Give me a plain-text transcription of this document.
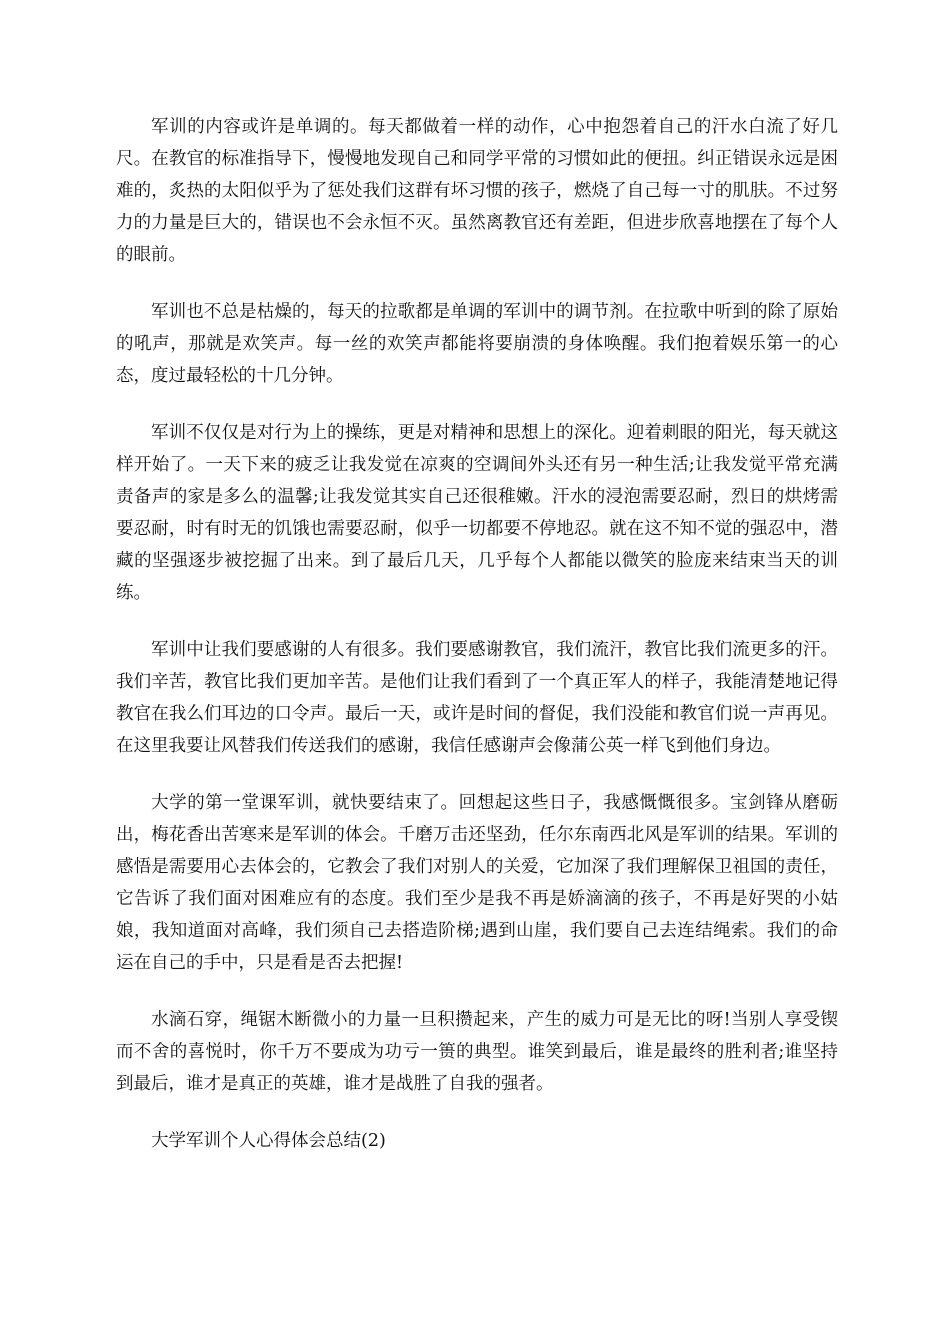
军训的内容或许是单调的。每天都做着一样的动作，心中抱怨着自己的汗水白流了好几尺。在教官的标准指导下，慢慢地发现自己和同学平常的习惯如此的便扭。纠正错误永远是困难的，炙热的太阳似乎为了惩处我们这群有坏习惯的孩子，燃烧了自己每一寸的肌肤。不过努力的力量是巨大的，错误也不会永恒不灭。虽然离教官还有差距，但进步欣喜地摆在了每个人的眼前。

军训也不总是枯燥的，每天的拉歌都是单调的军训中的调节剂。在拉歌中听到的除了原始的吼声，那就是欢笑声。每一丝的欢笑声都能将要崩溃的身体唤醒。我们抱着娱乐第一的心态，度过最轻松的十几分钟。

军训不仅仅是对行为上的操练，更是对精神和思想上的深化。迎着刺眼的阳光，每天就这样开始了。一天下来的疲乏让我发觉在凉爽的空调间外头还有另一种生活;让我发觉平常充满责备声的家是多么的温馨;让我发觉其实自己还很稚嫩。汗水的浸泡需要忍耐，烈日的烘烤需要忍耐，时有时无的饥饿也需要忍耐，似乎一切都要不停地忍。就在这不知不觉的强忍中，潜藏的坚强逐步被挖掘了出来。到了最后几天，几乎每个人都能以微笑的脸庞来结束当天的训练。

军训中让我们要感谢的人有很多。我们要感谢教官，我们流汗，教官比我们流更多的汗。我们辛苦，教官比我们更加辛苦。是他们让我们看到了一个真正军人的样子，我能清楚地记得教官在我么们耳边的口令声。最后一天，或许是时间的督促，我们没能和教官们说一声再见。在这里我要让风替我们传送我们的感谢，我信任感谢声会像蒲公英一样飞到他们身边。

大学的第一堂课军训，就快要结束了。回想起这些日子，我感慨慨很多。宝剑锋从磨砺出，梅花香出苦寒来是军训的体会。千磨万击还坚劲，任尔东南西北风是军训的结果。军训的感悟是需要用心去体会的，它教会了我们对别人的关爱，它加深了我们理解保卫祖国的责任，它告诉了我们面对困难应有的态度。我们至少是我不再是娇滴滴的孩子，不再是好哭的小姑娘，我知道面对高峰，我们须自己去搭造阶梯;遇到山崖，我们要自己去连结绳索。我们的命运在自己的手中，只是看是否去把握!

水滴石穿，绳锯木断微小的力量一旦积攒起来，产生的威力可是无比的呀!当别人享受锲而不舍的喜悦时，你千万不要成为功亏一篑的典型。谁笑到最后，谁是最终的胜利者;谁坚持到最后，谁才是真正的英雄，谁才是战胜了自我的强者。

大学军训个人心得体会总结(2)
